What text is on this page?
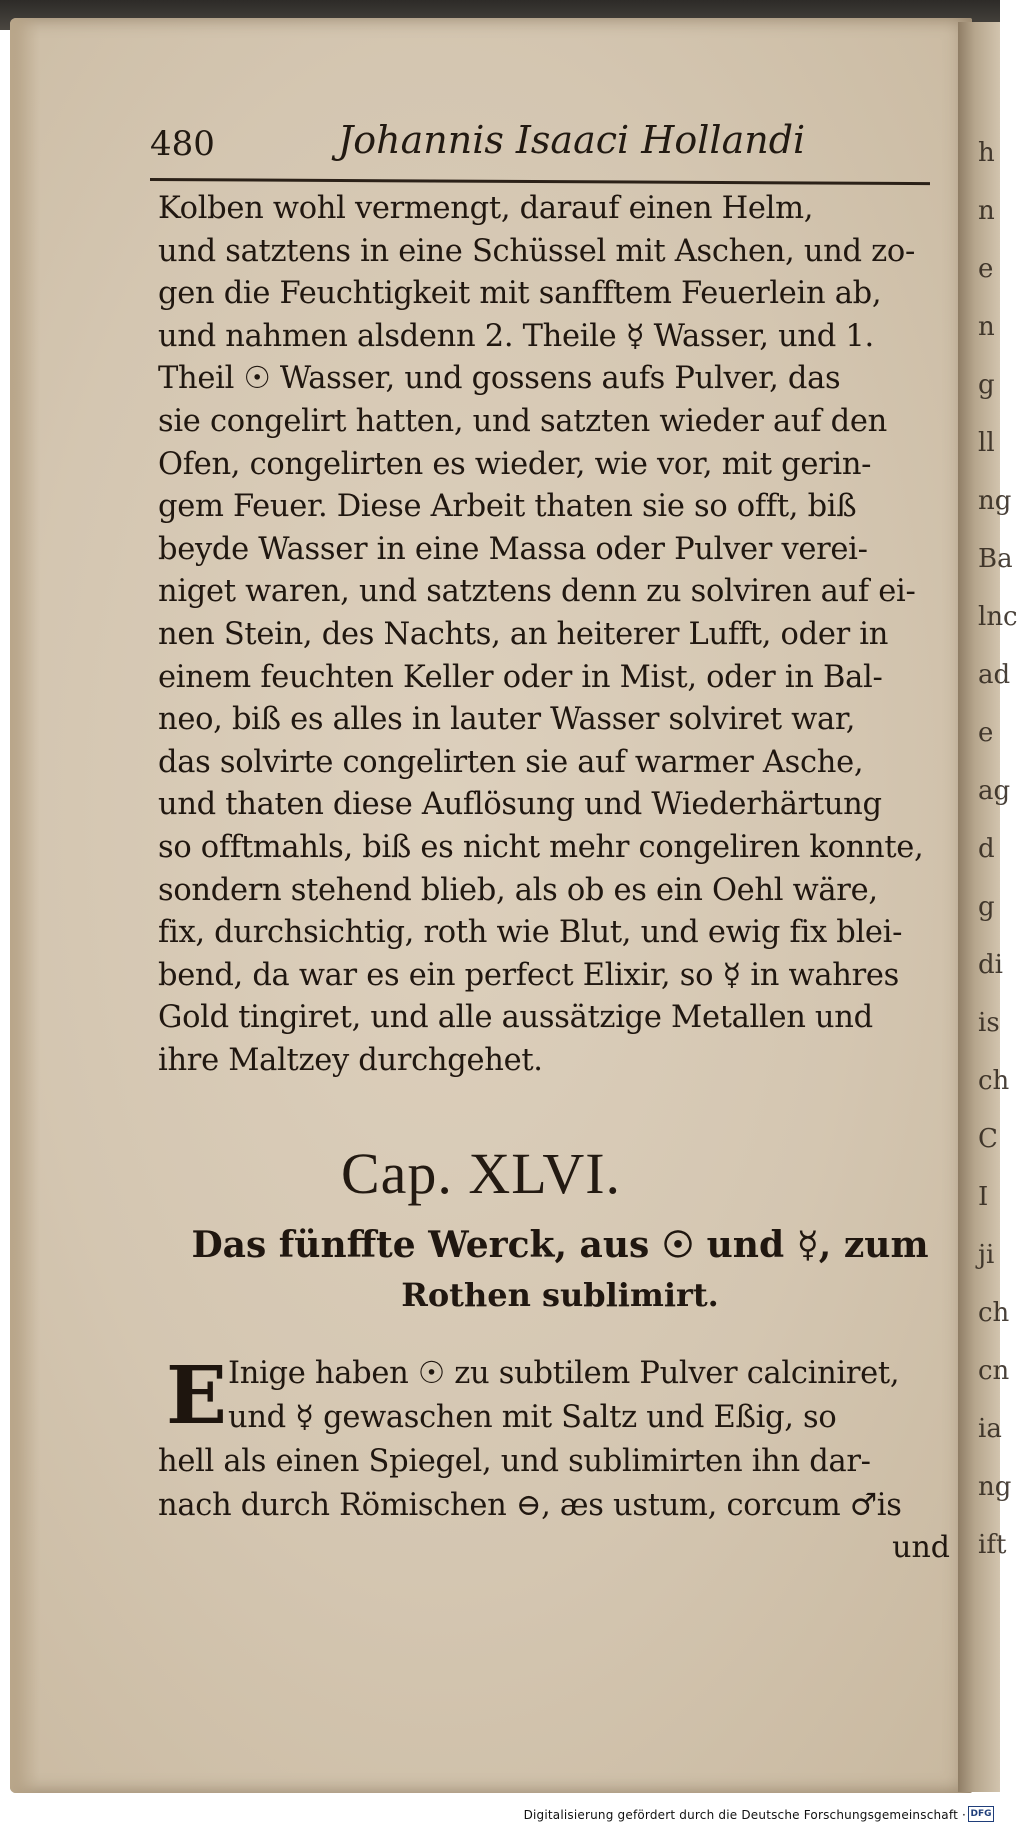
480	Johannis Isaaci Hollandi
Kolben wohl vermengt, darauf einen Helm,
und satztens in eine Schüssel mit Aschen, und zo-
gen die Feuchtigkeit mit sanfftem Feuerlein ab,
und nahmen alsdenn 2. Theile ☿ Wasser, und 1.
Theil ☉ Wasser, und gossens aufs Pulver, das
sie congelirt hatten, und satzten wieder auf den
Ofen, congelirten es wieder, wie vor, mit gerin-
gem Feuer. Diese Arbeit thaten sie so offt, biß
beyde Wasser in eine Massa oder Pulver verei-
niget waren, und satztens denn zu solviren auf ei-
nen Stein, des Nachts, an heiterer Lufft, oder in
einem feuchten Keller oder in Mist, oder in Bal-
neo, biß es alles in lauter Wasser solviret war,
das solvirte congelirten sie auf warmer Asche,
und thaten diese Auflösung und Wiederhärtung
so offtmahls, biß es nicht mehr congeliren konnte,
sondern stehend blieb, als ob es ein Oehl wäre,
fix, durchsichtig, roth wie Blut, und ewig fix blei-
bend, da war es ein perfect Elixir, so ☿ in wahres
Gold tingiret, und alle aussätzige Metallen und
ihre Maltzey durchgehet.
Cap. XLVI.
Das fünffte Werck, aus ☉ und ☿, zum
Rothen sublimirt.
E Inige haben ☉ zu subtilem Pulver calciniret,
und ☿ gewaschen mit Saltz und Eßig, so
hell als einen Spiegel, und sublimirten ihn dar-
nach durch Römischen ⊖, æs ustum, corcum ♂is
und
Digitalisierung gefördert durch die Deutsche Forschungsgemeinschaft · DFG
h
n
e
n
g
ll
ng
Ba
lnc
ad
e
ag
d
g
di
is
ch
C
I
ji
ch
cn
ia
ng
ift
